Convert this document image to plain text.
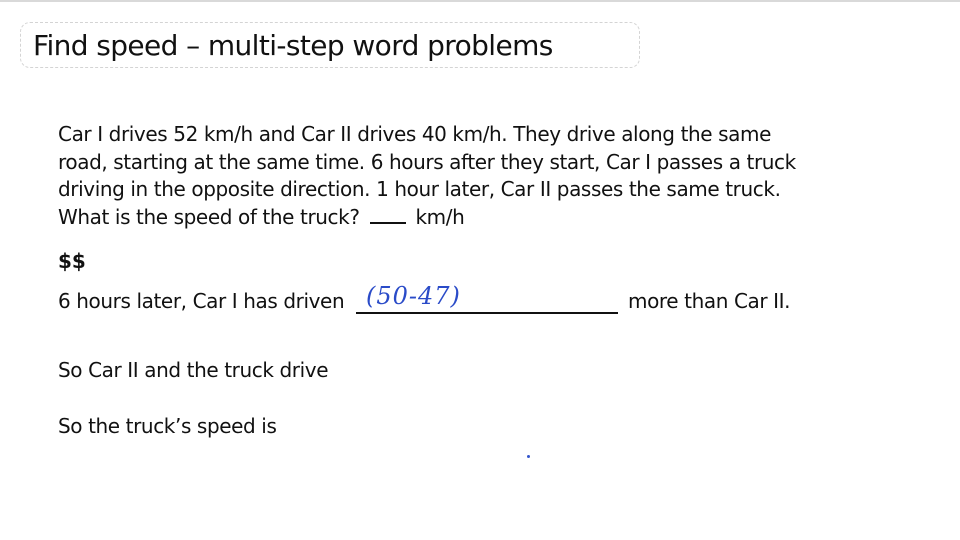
Find speed – multi-step word problems
Car I drives 52 km/h and Car II drives 40 km/h. They drive along the same
road, starting at the same time. 6 hours after they start, Car I passes a truck
driving in the opposite direction. 1 hour later, Car II passes the same truck.
What is the speed of the truck?	km/h
$$
6 hours later, Car I has driven (50-47)	more than Car II.
So Car II and the truck drive
So the truck’s speed is
